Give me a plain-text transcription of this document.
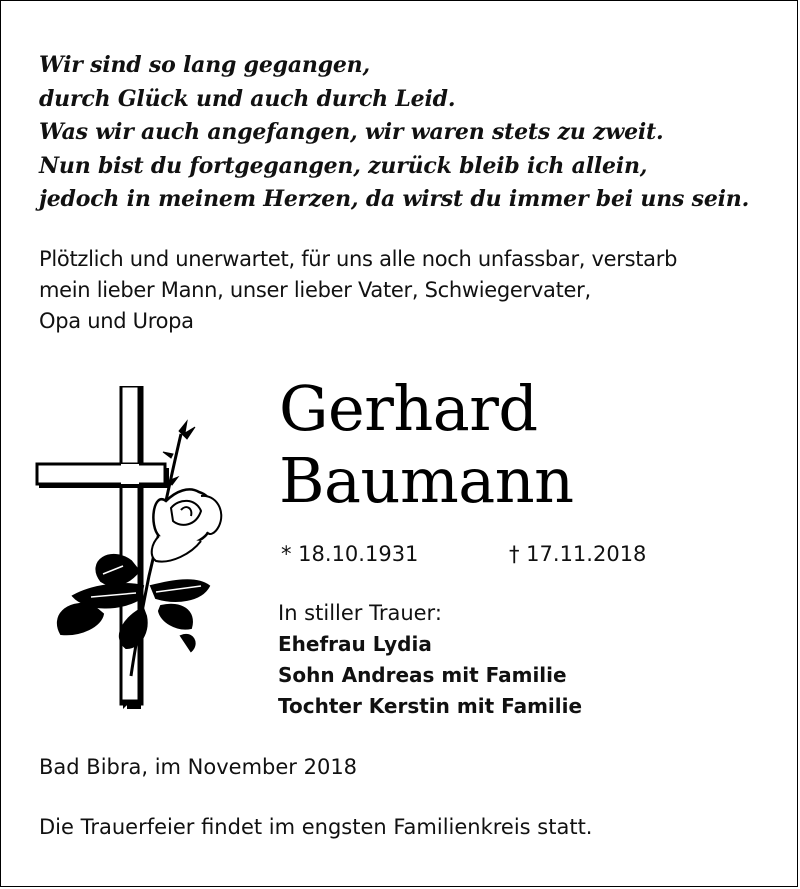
Wir sind so lang gegangen,
durch Glück und auch durch Leid.
Was wir auch angefangen, wir waren stets zu zweit.
Nun bist du fortgegangen, zurück bleib ich allein,
jedoch in meinem Herzen, da wirst du immer bei uns sein.
Plötzlich und unerwartet, für uns alle noch unfassbar, verstarb
mein lieber Mann, unser lieber Vater, Schwiegervater,
Opa und Uropa
Gerhard
Baumann
* 18.10.1931	† 17.11.2018
In stiller Trauer:
Ehefrau Lydia
Sohn Andreas mit Familie
Tochter Kerstin mit Familie
Bad Bibra, im November 2018
Die Trauerfeier findet im engsten Familienkreis statt.
